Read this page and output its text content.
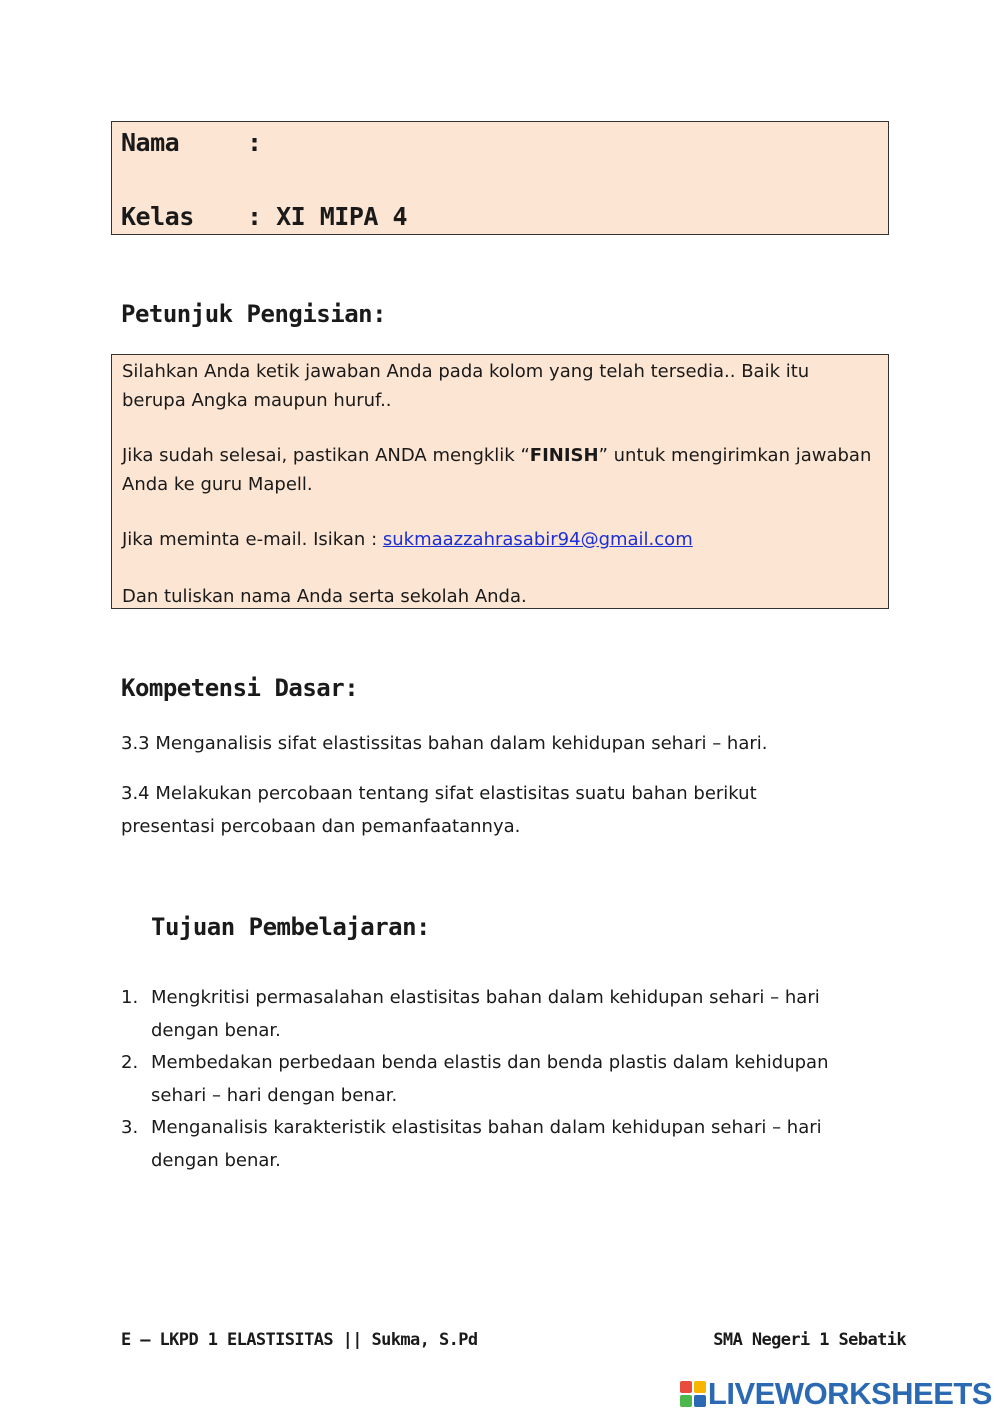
Nama	:
Kelas : XI MIPA 4
Petunjuk Pengisian:
Silahkan Anda ketik jawaban Anda pada kolom yang telah tersedia.. Baik itu berupa Angka maupun huruf..
Jika sudah selesai, pastikan ANDA mengklik “FINISH” untuk mengirimkan jawaban Anda ke guru Mapell.
Jika meminta e-mail. Isikan : sukmaazzahrasabir94@gmail.com
Dan tuliskan nama Anda serta sekolah Anda.
Kompetensi Dasar:
3.3 Menganalisis sifat elastissitas bahan dalam kehidupan sehari – hari.
3.4 Melakukan percobaan tentang sifat elastisitas suatu bahan berikut presentasi percobaan dan pemanfaatannya.
Tujuan Pembelajaran:
1. Mengkritisi permasalahan elastisitas bahan dalam kehidupan sehari – hari dengan benar.
2. Membedakan perbedaan benda elastis dan benda plastis dalam kehidupan sehari – hari dengan benar.
3. Menganalisis karakteristik elastisitas bahan dalam kehidupan sehari – hari dengan benar.
E – LKPD 1 ELASTISITAS || Sukma, S.Pd	SMA Negeri 1 Sebatik
LIVEWORKSHEETS
